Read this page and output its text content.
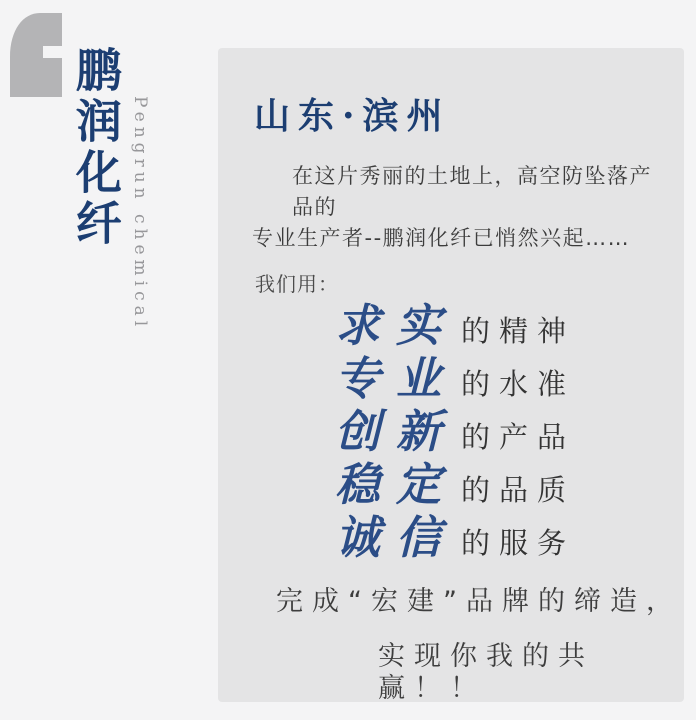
鹏润化纤 Pengrun chemical	山东·滨州
在这片秀丽的土地上，高空防坠落产品的
专业生产者--鹏润化纤已悄然兴起……
我们用：
求实 的精神
专业 的水准
创新 的产品
稳定 的品质
诚信 的服务
完成“宏建”品牌的缔造，
实现你我的共赢！！
